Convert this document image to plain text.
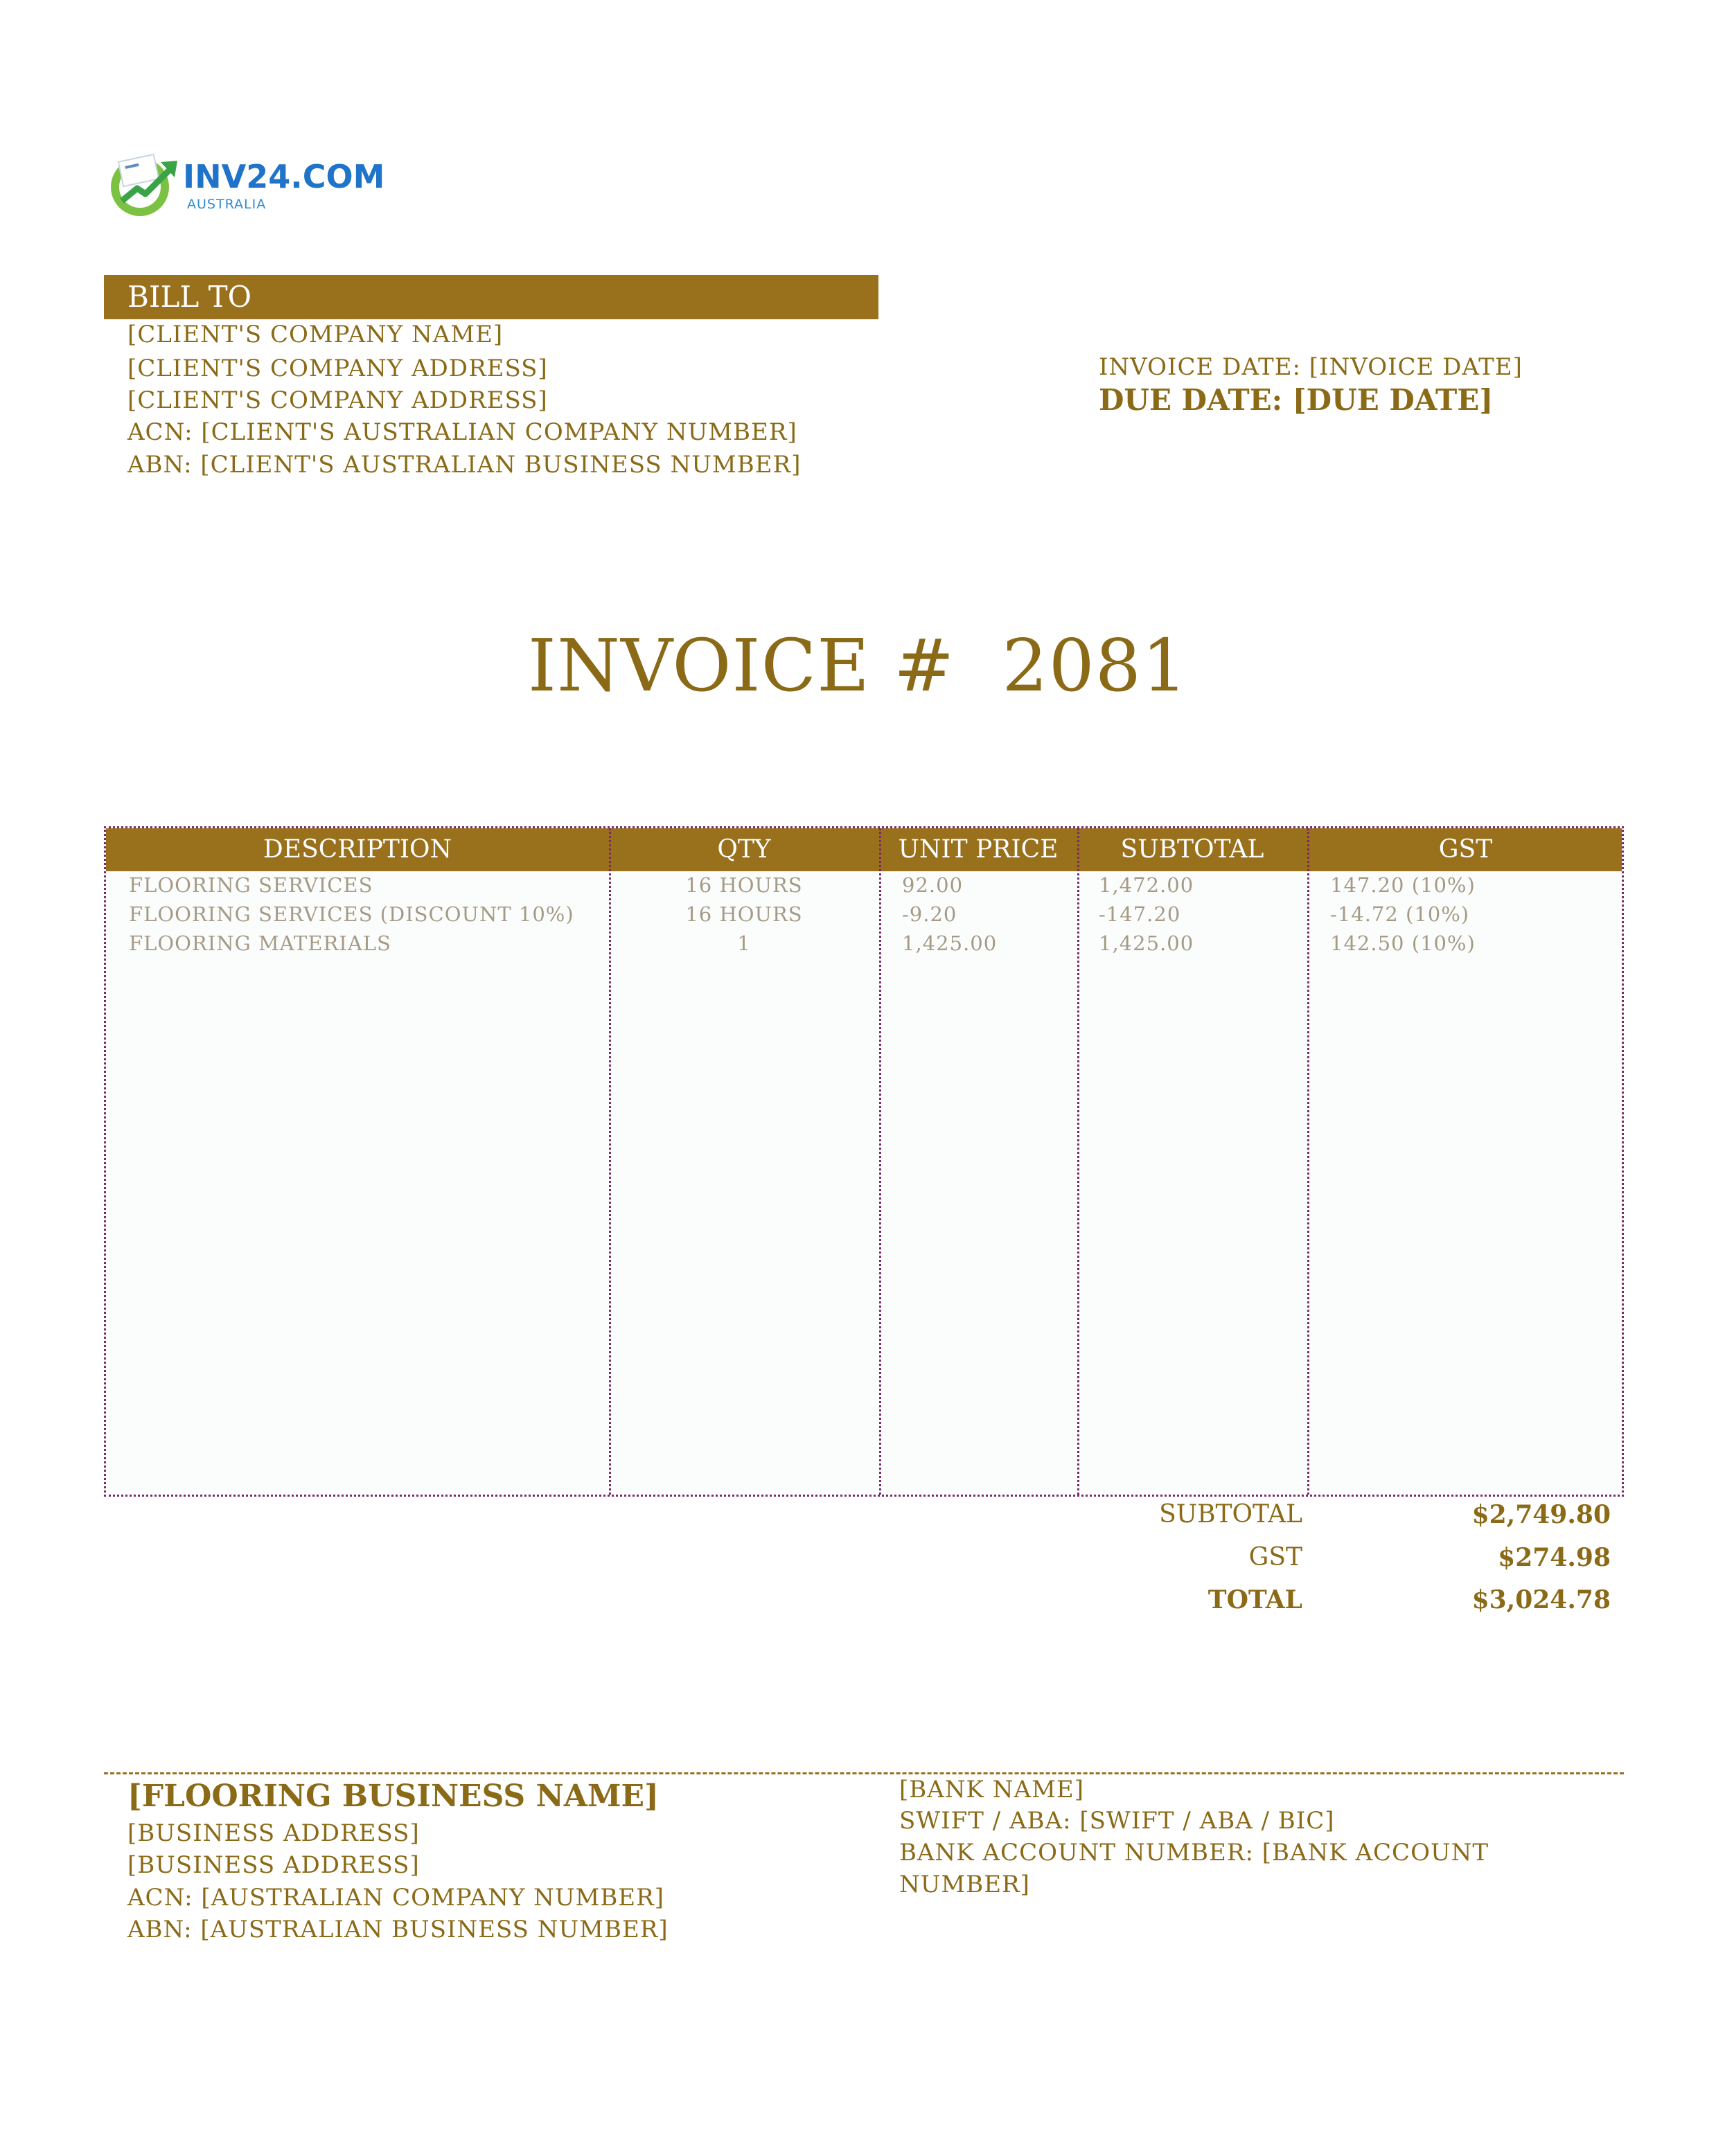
INV24.COM
AUSTRALIA
BILL TO
[CLIENT'S COMPANY NAME]
[CLIENT'S COMPANY ADDRESS]
[CLIENT'S COMPANY ADDRESS]
ACN: [CLIENT'S AUSTRALIAN COMPANY NUMBER]
ABN: [CLIENT'S AUSTRALIAN BUSINESS NUMBER]
INVOICE DATE: [INVOICE DATE]
DUE DATE: [DUE DATE]
INVOICE #  2081
DESCRIPTION	QTY	UNIT PRICE	SUBTOTAL	GST
FLOORING SERVICES	16 HOURS	92.00	1,472.00	147.20 (10%)
FLOORING SERVICES (DISCOUNT 10%)	16 HOURS	-9.20	-147.20	-14.72 (10%)
FLOORING MATERIALS	1	1,425.00	1,425.00	142.50 (10%)
SUBTOTAL	$2,749.80
GST	$274.98
TOTAL	$3,024.78
[FLOORING BUSINESS NAME]
[BUSINESS ADDRESS]
[BUSINESS ADDRESS]
ACN: [AUSTRALIAN COMPANY NUMBER]
ABN: [AUSTRALIAN BUSINESS NUMBER]
[BANK NAME]
SWIFT / ABA: [SWIFT / ABA / BIC]
BANK ACCOUNT NUMBER: [BANK ACCOUNT
NUMBER]
